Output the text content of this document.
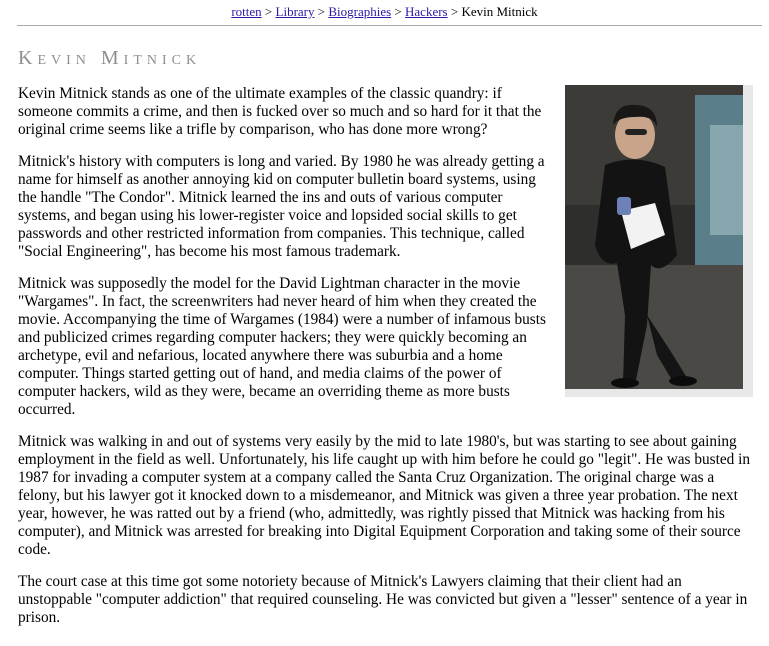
rotten > Library > Biographies > Hackers > Kevin Mitnick
Kevin Mitnick

Kevin Mitnick stands as one of the ultimate examples of the classic quandry: if someone commits a crime, and then is fucked over so much and so hard for it that the original crime seems like a trifle by comparison, who has done more wrong?

Mitnick's history with computers is long and varied. By 1980 he was already getting a name for himself as another annoying kid on computer bulletin board systems, using the handle "The Condor". Mitnick learned the ins and outs of various computer systems, and began using his lower-register voice and lopsided social skills to get passwords and other restricted information from companies. This technique, called "Social Engineering", has become his most famous trademark.

Mitnick was supposedly the model for the David Lightman character in the movie "Wargames". In fact, the screenwriters had never heard of him when they created the movie. Accompanying the time of Wargames (1984) were a number of infamous busts and publicized crimes regarding computer hackers; they were quickly becoming an archetype, evil and nefarious, located anywhere there was suburbia and a home computer. Things started getting out of hand, and media claims of the power of computer hackers, wild as they were, became an overriding theme as more busts occurred.

Mitnick was walking in and out of systems very easily by the mid to late 1980's, but was starting to see about gaining employment in the field as well. Unfortunately, his life caught up with him before he could go "legit". He was busted in 1987 for invading a computer system at a company called the Santa Cruz Organization. The original charge was a felony, but his lawyer got it knocked down to a misdemeanor, and Mitnick was given a three year probation. The next year, however, he was ratted out by a friend (who, admittedly, was rightly pissed that Mitnick was hacking from his computer), and Mitnick was arrested for breaking into Digital Equipment Corporation and taking some of their source code.

The court case at this time got some notoriety because of Mitnick's Lawyers claiming that their client had an unstoppable "computer addiction" that required counseling. He was convicted but given a "lesser" sentence of a year in prison.
